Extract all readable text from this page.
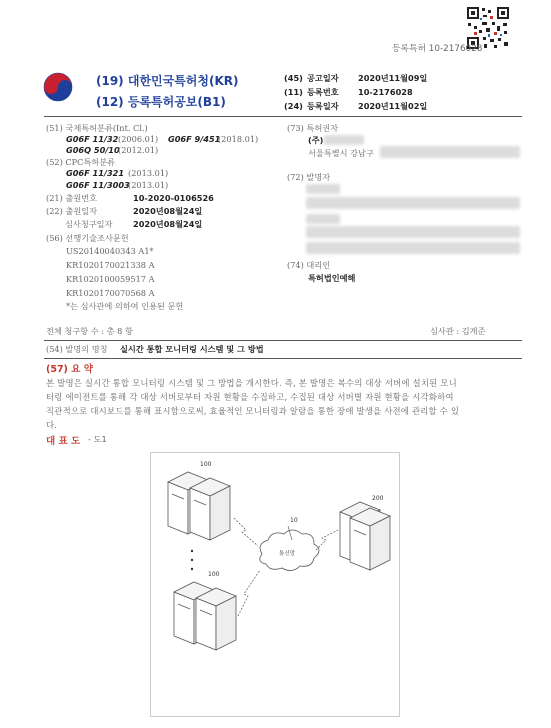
등록특허 10-2176028
(19) 대한민국특허청(KR)
(12) 등록특허공보(B1)
(45) 공고일자 2020년11월09일
(11) 등록번호 10-2176028
(24) 등록일자 2020년11월02일
(51) 국제특허분류(Int. Cl.)
G06F 11/32 (2006.01) G06F 9/451
(2018.01)
G06Q 50/10
(2012.01)
(52) CPC특허분류
G06F 11/321 (2013.01)
G06F 11/3003
(2013.01)
(21) 출원번호	10-2020-0106526
(22) 출원일자	2020년08월24일
심사청구일자	2020년08월24일
(56) 선행기술조사문헌
US20140040343 A1*
KR1020170021338 A
KR1020100059517 A
KR1020170070568 A
*는 심사관에 의하여 인용된 문헌
(73) 특허권자
(주)
서울특별시 강남구
(72) 발명자
(74) 대리인
특허법인예해
전체 청구항 수 : 총 8 항	심사관 : 김계준
(54) 발명의 명칭 실시간 통합 모니터링 시스템 및 그 방법
(57) 요 약
본 발명은 실시간 통합 모니터링 시스템 및 그 방법을 개시한다. 즉, 본 발명은 복수의 대상 서버에 설치된 모니
터링 에이전트를 통해 각 대상 서버로부터 자원 현황을 수집하고, 수집된 대상 서버별 자원 현황을 시각화하여
직관적으로 대시보드를 통해 표시함으로써, 효율적인 모니터링과 알람을 통한 장애 발생을 사전에 관리할 수 있
다.
대 표 도 - 도1
100
100
200
10
통신망
